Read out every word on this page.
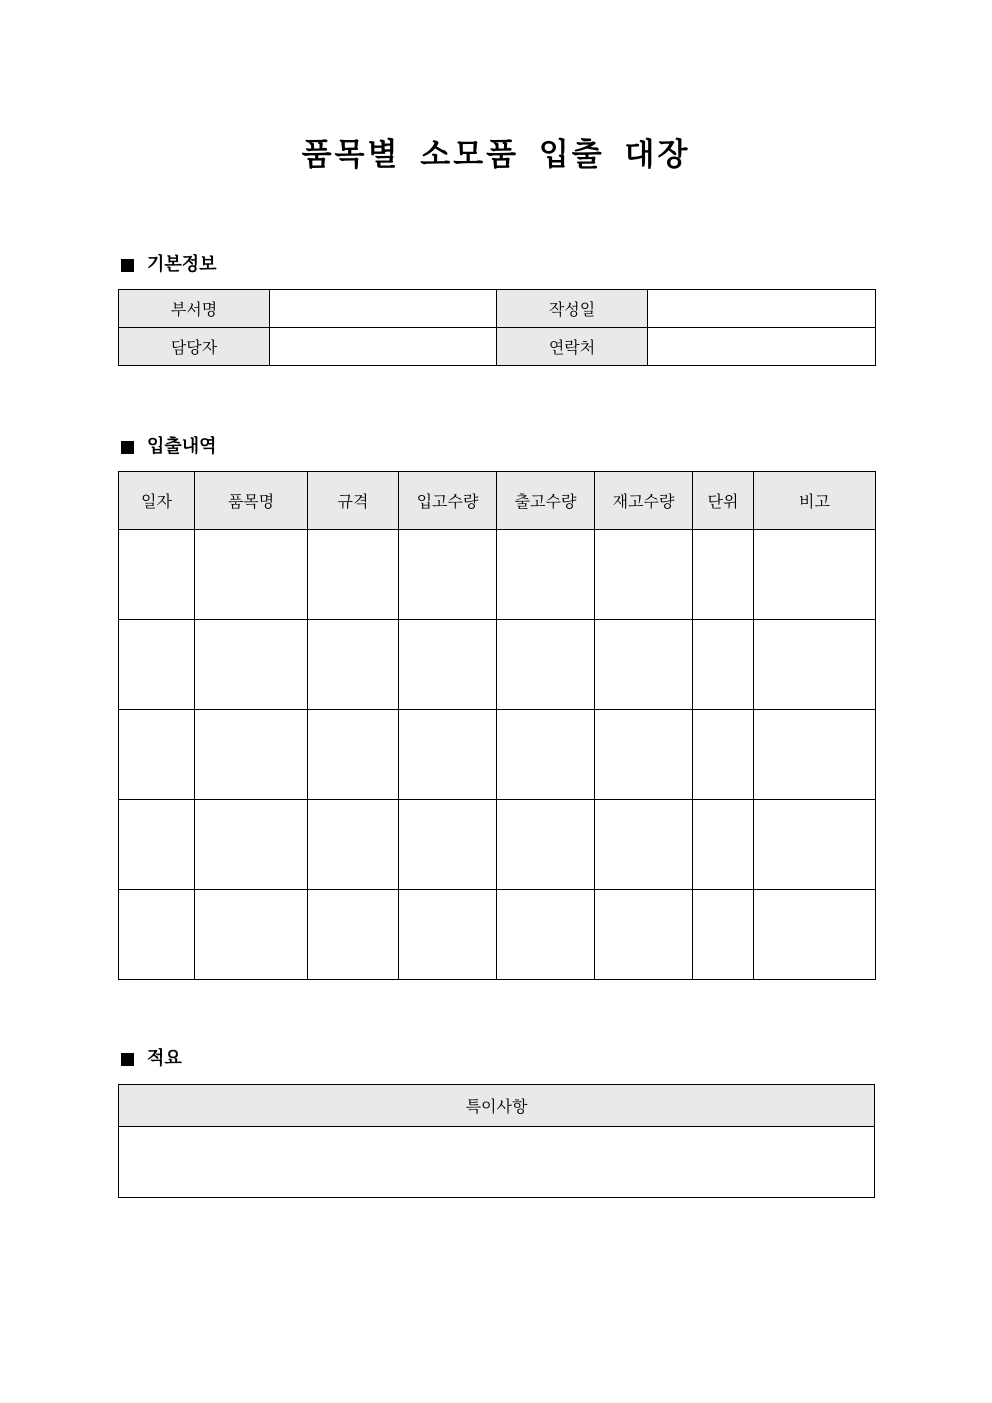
품목별 소모품 입출 대장
기본정보
부서명		작성일	
담당자		연락처	
입출내역
일자	품목명	규격	입고수량	출고수량	재고수량	단위	비고

적요
특이사항
